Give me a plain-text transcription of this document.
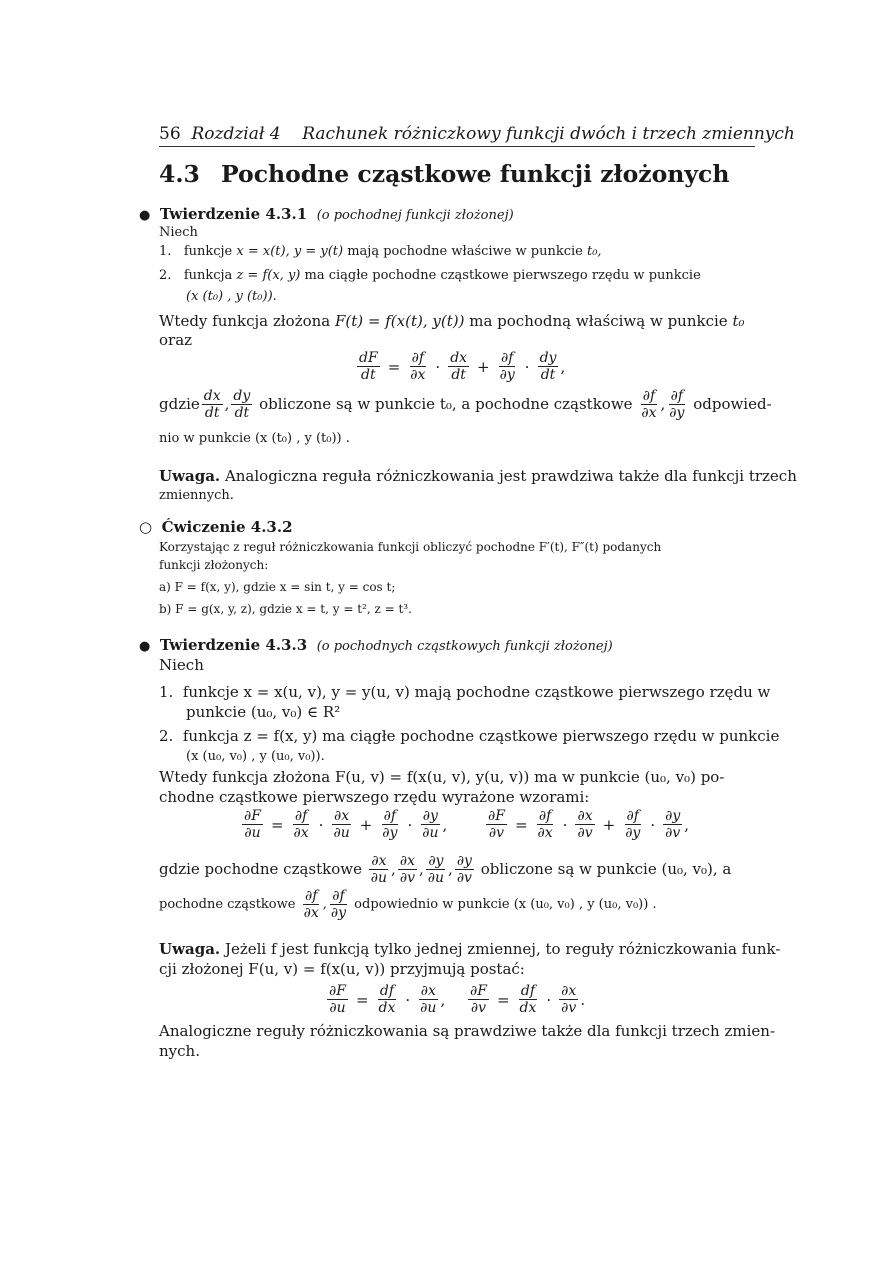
56 Rozdział 4 Rachunek różniczkowy funkcji dwóch i trzech zmiennych
4.3 Pochodne cząstkowe funkcji złożonych
● Twierdzenie 4.3.1 (o pochodnej funkcji złożonej)
Niech
1. funkcje x = x(t), y = y(t) mają pochodne właściwe w punkcie t₀,
2. funkcja z = f(x, y) ma ciągłe pochodne cząstkowe pierwszego rzędu w punkcie
(x (t₀) , y (t₀)).
Wtedy funkcja złożona F(t) = f(x(t), y(t)) ma pochodną właściwą w punkcie t₀
oraz
$\frac{dF}{dt} = \frac{\partial f}{\partial x} \cdot \frac{dx}{dt} + \frac{\partial f}{\partial y} \cdot \frac{dy}{dt}$ ,
gdzie $\frac{dx}{dt}$ , $\frac{dy}{dt}$
obliczone są w punkcie t₀, a pochodne cząstkowe
$\frac{\partial f}{\partial x}$ , $\frac{\partial f}{\partial y}$
odpowied-
nio w punkcie (x (t₀) , y (t₀)) .
Uwaga. Analogiczna reguła różniczkowania jest prawdziwa także dla funkcji trzech
zmiennych.
○ Ćwiczenie 4.3.2
Korzystając z reguł różniczkowania funkcji obliczyć pochodne F′(t), F″(t) podanych
funkcji złożonych:
a) F = f(x, y), gdzie x = sin t, y = cos t;
b) F = g(x, y, z), gdzie x = t, y = t², z = t³.
● Twierdzenie 4.3.3 (o pochodnych cząstkowych funkcji złożonej)
Niech
1. funkcje x = x(u, v), y = y(u, v) mają pochodne cząstkowe pierwszego rzędu w
punkcie (u₀, v₀) ∈ R²
2. funkcja z = f(x, y) ma ciągłe pochodne cząstkowe pierwszego rzędu w punkcie
(x (u₀, v₀) , y (u₀, v₀)).
Wtedy funkcja złożona F(u, v) = f(x(u, v), y(u, v)) ma w punkcie (u₀, v₀) po-
chodne cząstkowe pierwszego rzędu wyrażone wzorami:
$\frac{\partial F}{\partial u} = \frac{\partial f}{\partial x} \cdot \frac{\partial x}{\partial u} + \frac{\partial f}{\partial y} \cdot \frac{\partial y}{\partial u}$ ,	$\frac{\partial F}{\partial v} = \frac{\partial f}{\partial x} \cdot \frac{\partial x}{\partial v} + \frac{\partial f}{\partial y} \cdot \frac{\partial y}{\partial v}$ ,
gdzie pochodne cząstkowe
$\frac{\partial x}{\partial u}$ , $\frac{\partial x}{\partial v}$ , $\frac{\partial y}{\partial u}$ , $\frac{\partial y}{\partial v}$
obliczone są w punkcie (u₀, v₀), a
pochodne cząstkowe
$\frac{\partial f}{\partial x}$ , $\frac{\partial f}{\partial y}$
odpowiednio w punkcie (x (u₀, v₀) , y (u₀, v₀)) .
Uwaga. Jeżeli f jest funkcją tylko jednej zmiennej, to reguły różniczkowania funk-
cji złożonej F(u, v) = f(x(u, v)) przyjmują postać:
$\frac{\partial F}{\partial u} = \frac{df}{dx} \cdot \frac{\partial x}{\partial u}$ , $\frac{\partial F}{\partial v} = \frac{df}{dx} \cdot \frac{\partial x}{\partial v}$ .
Analogiczne reguły różniczkowania są prawdziwe także dla funkcji trzech zmien-
nych.
